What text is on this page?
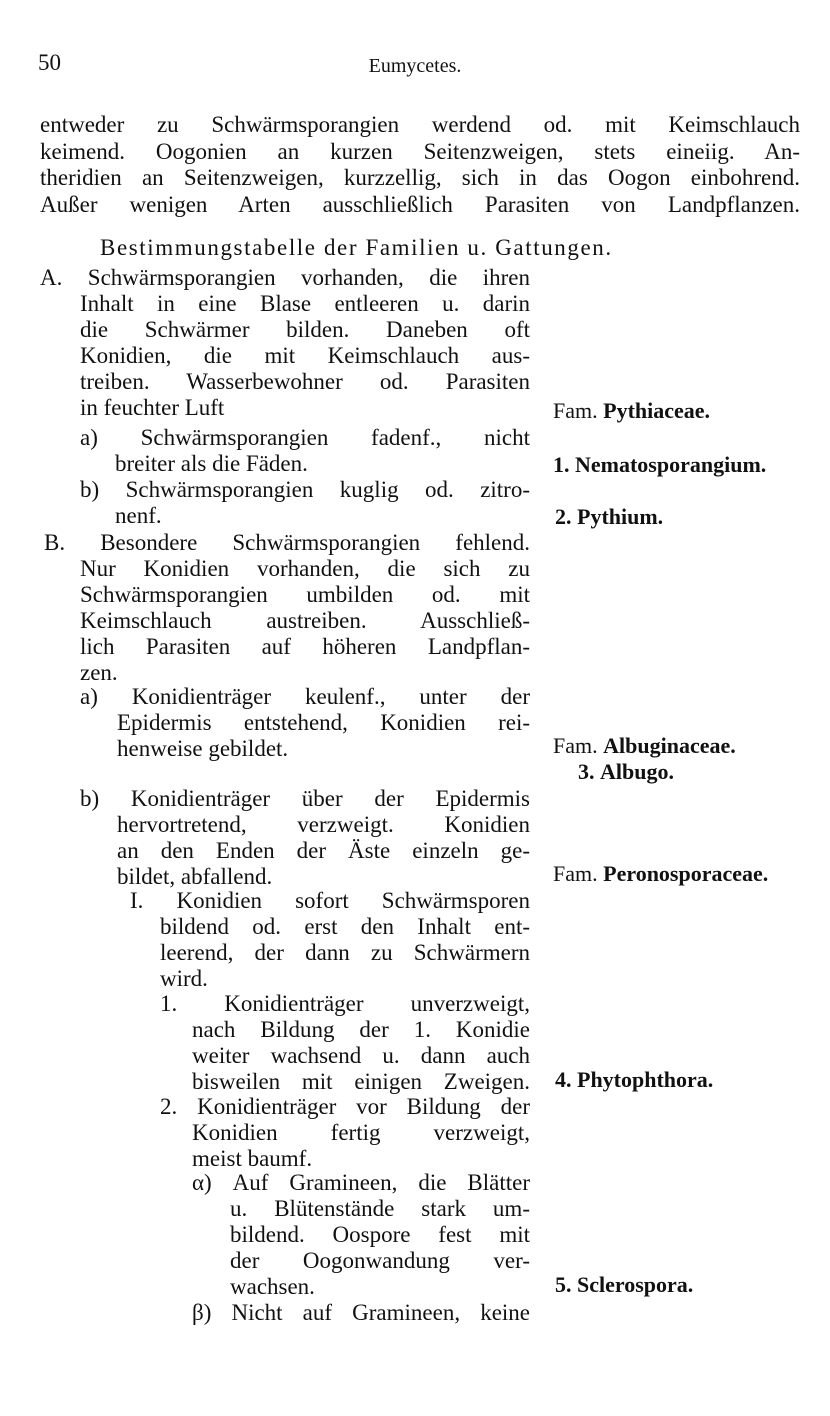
50	Eumycetes.
entweder zu Schwärmsporangien werdend od. mit Keimschlauch
keimend. Oogonien an kurzen Seitenzweigen, stets eineiig. An-
theridien an Seitenzweigen, kurzzellig, sich in das Oogon einbohrend.
Außer wenigen Arten ausschließlich Parasiten von Landpflanzen.
Bestimmungstabelle der Familien u. Gattungen.
A. Schwärmsporangien vorhanden, die ihren
Inhalt in eine Blase entleeren u. darin
die Schwärmer bilden. Daneben oft
Konidien, die mit Keimschlauch aus-
treiben. Wasserbewohner od. Parasiten
in feuchter Luft
a) Schwärmsporangien fadenf., nicht
breiter als die Fäden.
b) Schwärmsporangien kuglig od. zitro-
nenf.
B. Besondere Schwärmsporangien fehlend.
Nur Konidien vorhanden, die sich zu
Schwärmsporangien umbilden od. mit
Keimschlauch austreiben. Ausschließ-
lich Parasiten auf höheren Landpflan-
zen.
a) Konidienträger keulenf., unter der
Epidermis entstehend, Konidien rei-
henweise gebildet.
b) Konidienträger über der Epidermis
hervortretend, verzweigt. Konidien
an den Enden der Äste einzeln ge-
bildet, abfallend.
I. Konidien sofort Schwärmsporen
bildend od. erst den Inhalt ent-
leerend, der dann zu Schwärmern
wird.
1. Konidienträger unverzweigt,
nach Bildung der 1. Konidie
weiter wachsend u. dann auch
bisweilen mit einigen Zweigen.
2. Konidienträger vor Bildung der
Konidien fertig verzweigt,
meist baumf.
α) Auf Gramineen, die Blätter
u. Blütenstände stark um-
bildend. Oospore fest mit
der Oogonwandung ver-
wachsen.
β) Nicht auf Gramineen, keine
Fam. Pythiaceae.
1. Nematosporangium.
2. Pythium.
Fam. Albuginaceae.
3. Albugo.
Fam. Peronosporaceae.
4. Phytophthora.
5. Sclerospora.
